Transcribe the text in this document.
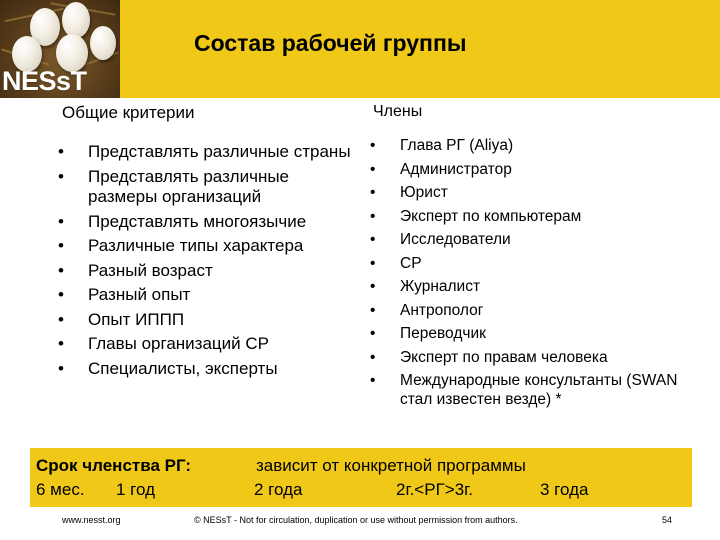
NESsT
Состав рабочей группы
Общие критерии	Члены
• Представлять различные страны
• Представлять различные размеры организаций
• Представлять многоязычие
• Различные типы характера
• Разный возраст
• Разный опыт
• Опыт ИППП
• Главы организаций СР
• Специалисты, эксперты
• Глава РГ (Aliya)
• Администратор
• Юрист
• Эксперт по компьютерам
• Исследователи
• СР
• Журналист
• Антрополог
• Переводчик
• Эксперт по правам человека
• Международные консультанты (SWAN стал известен везде) *
Срок членства РГ:	зависит от конкретной программы
6 мес. 1 год	2 года	2г.<РГ>3г.	3 года
www.nesst.org	© NESsT - Not for circulation, duplication or use without permission from authors.	54
